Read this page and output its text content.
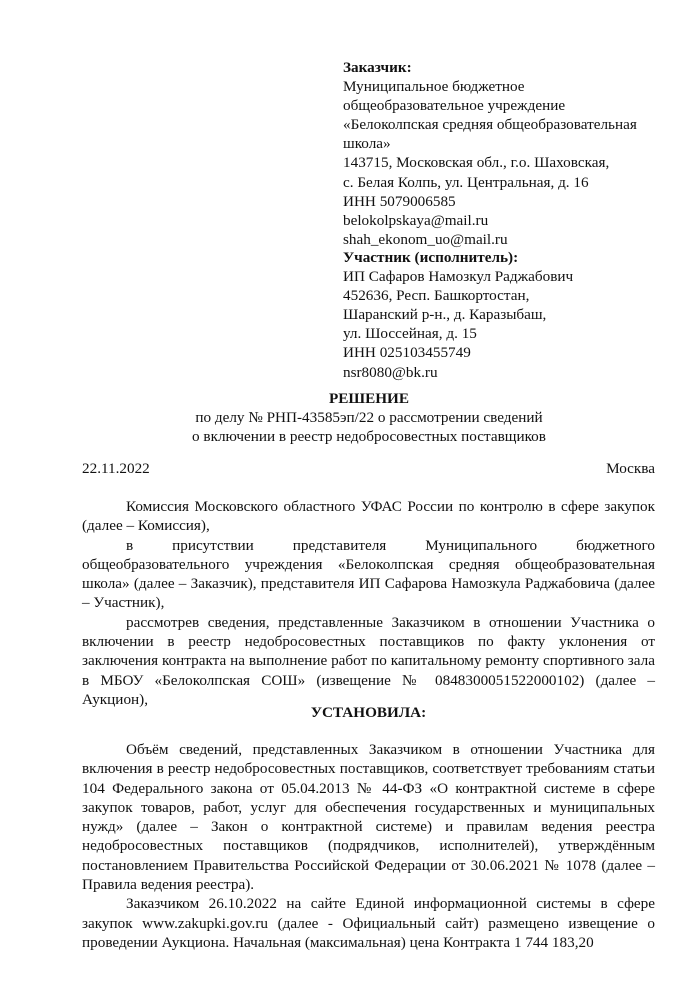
Заказчик:
Муниципальное бюджетное
общеобразовательное учреждение
«Белоколпская средняя общеобразовательная
школа»
143715, Московская обл., г.о. Шаховская,
с. Белая Колпь, ул. Центральная, д. 16
ИНН 5079006585
belokolpskaya@mail.ru
shah_ekonom_uo@mail.ru
Участник (исполнитель):
ИП Сафаров Намозкул Раджабович
452636, Респ. Башкортостан,
Шаранский р-н., д. Каразыбаш,
ул. Шоссейная, д. 15
ИНН 025103455749
nsr8080@bk.ru
РЕШЕНИЕ
по делу № РНП-43585эп/22 о рассмотрении сведений
о включении в реестр недобросовестных поставщиков
22.11.2022	Москва
Комиссия Московского областного УФАС России по контролю в сфере закупок (далее – Комиссия),
в присутствии представителя Муниципального бюджетного общеобразовательного учреждения «Белоколпская средняя общеобразовательная школа» (далее – Заказчик), представителя ИП Сафарова Намозкула Раджабовича (далее – Участник),
рассмотрев сведения, представленные Заказчиком в отношении Участника о включении в реестр недобросовестных поставщиков по факту уклонения от заключения контракта на выполнение работ по капитальному ремонту спортивного зала в МБОУ «Белоколпская СОШ» (извещение № 0848300051522000102) (далее – Аукцион),
УСТАНОВИЛА:
Объём сведений, представленных Заказчиком в отношении Участника для включения в реестр недобросовестных поставщиков, соответствует требованиям статьи 104 Федерального закона от 05.04.2013 № 44-ФЗ «О контрактной системе в сфере закупок товаров, работ, услуг для обеспечения государственных и муниципальных нужд» (далее – Закон о контрактной системе) и правилам ведения реестра недобросовестных поставщиков (подрядчиков, исполнителей), утверждённым постановлением Правительства Российской Федерации от 30.06.2021 № 1078 (далее – Правила ведения реестра).
Заказчиком 26.10.2022 на сайте Единой информационной системы в сфере закупок www.zakupki.gov.ru (далее - Официальный сайт) размещено извещение о проведении Аукциона. Начальная (максимальная) цена Контракта 1 744 183,20
